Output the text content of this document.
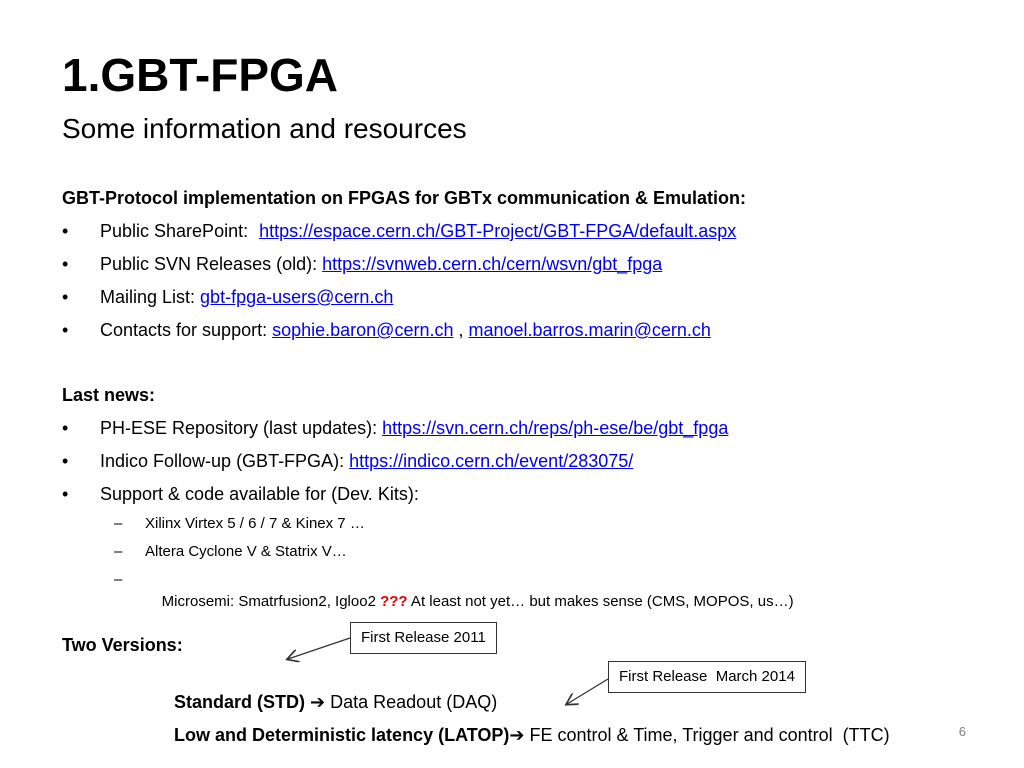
1.GBT-FPGA
Some information and resources
GBT-Protocol implementation on FPGAS for GBTx communication & Emulation:
• Public SharePoint: https://espace.cern.ch/GBT-Project/GBT-FPGA/default.aspx
• Public SVN Releases (old): https://svnweb.cern.ch/cern/wsvn/gbt_fpga
• Mailing List: gbt-fpga-users@cern.ch
• Contacts for support: sophie.baron@cern.ch , manoel.barros.marin@cern.ch
Last news:
• PH-ESE Repository (last updates): https://svn.cern.ch/reps/ph-ese/be/gbt_fpga
• Indico Follow-up (GBT-FPGA): https://indico.cern.ch/event/283075/
• Support & code available for (Dev. Kits):
– Xilinx Virtex 5 / 6 / 7 & Kinex 7 …
– Altera Cyclone V & Statrix V…
–

Microsemi: Smatrfusion2, Igloo2 ??? At least not yet… but makes sense (CMS, MOPOS, us…)

Two Versions:

Standard (STD) ➔ Data Readout (DAQ)

Low and Deterministic latency (LATOP)➔ FE control & Time, Trigger and control  (TTC)

First Release 2011
First Release  March 2014
6
